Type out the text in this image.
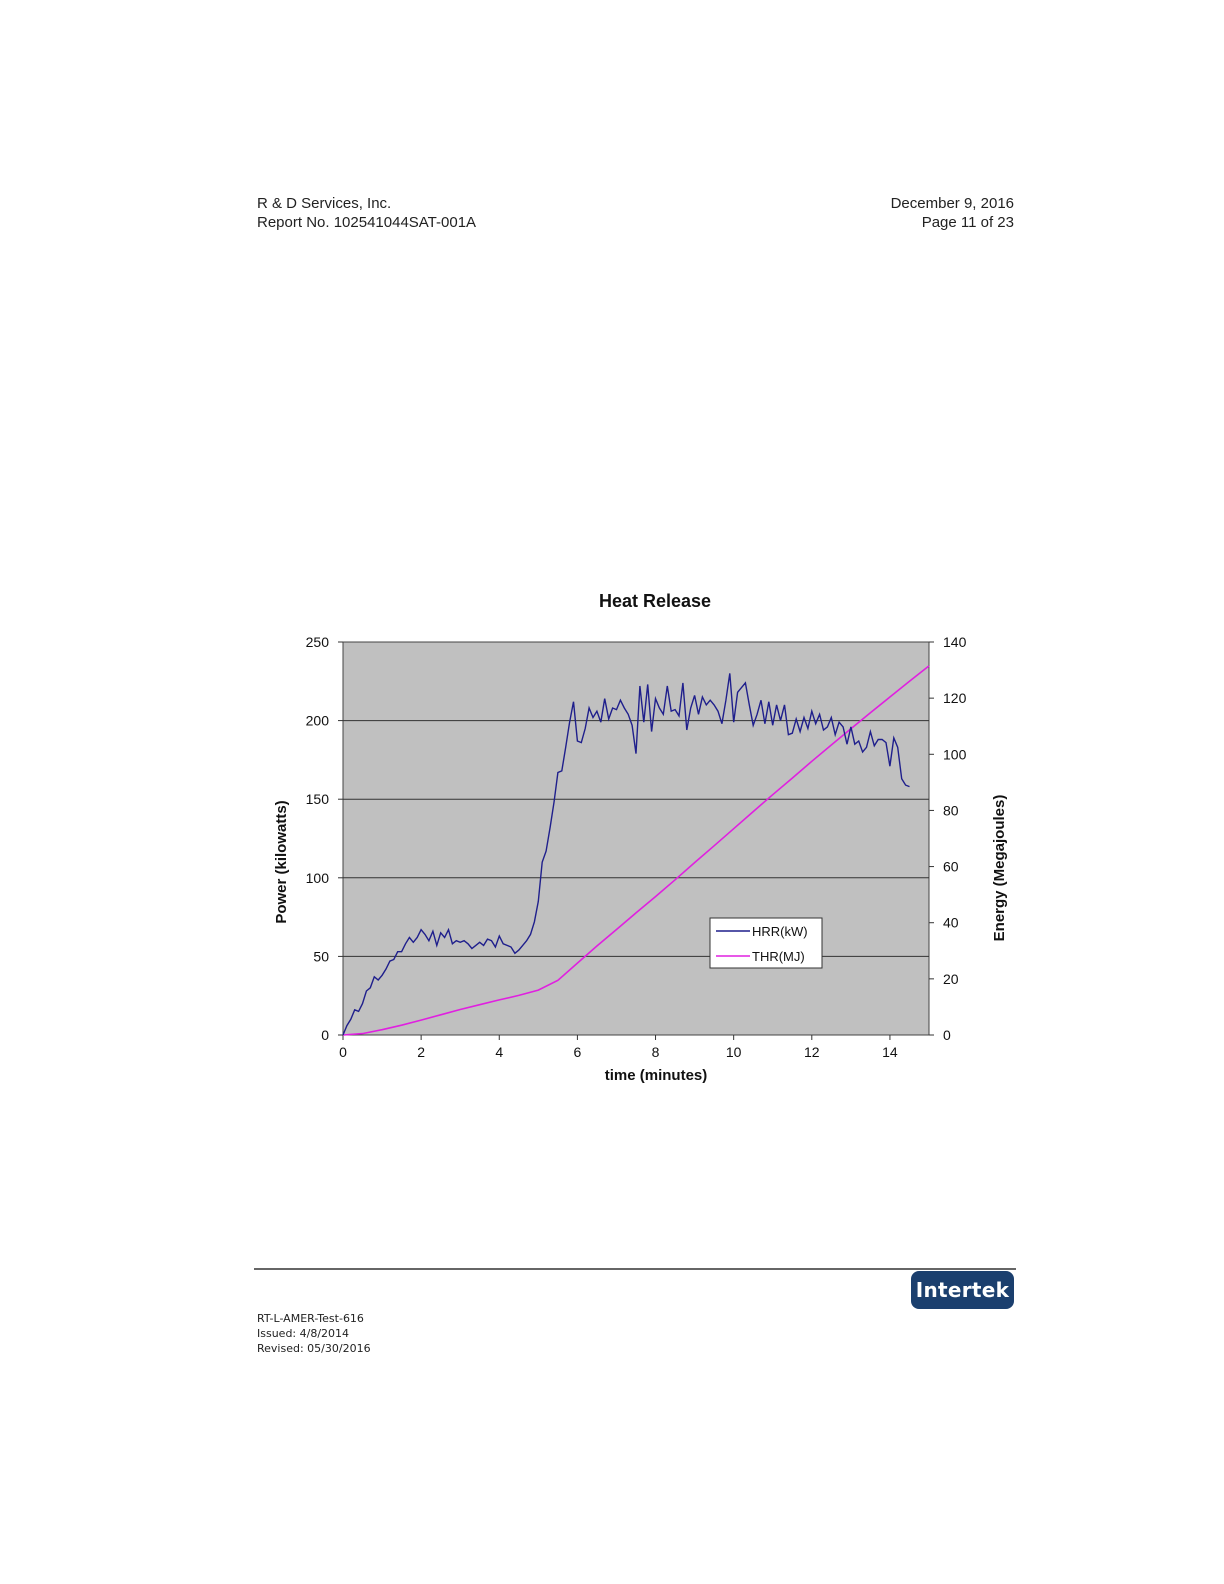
R & D Services, Inc.
Report No. 102541044SAT-001A
December 9, 2016
Page 11 of 23
Heat Release
0
50
100
150
200
250
0
20
40
60
80
100
120
140
0	2	4	6	8	10	12	14
time (minutes)
Power (kilowatts)	Energy (Megajoules)
HRR(kW)
THR(MJ)
RT-L-AMER-Test-616
Issued: 4/8/2014
Revised: 05/30/2016
Intertek
